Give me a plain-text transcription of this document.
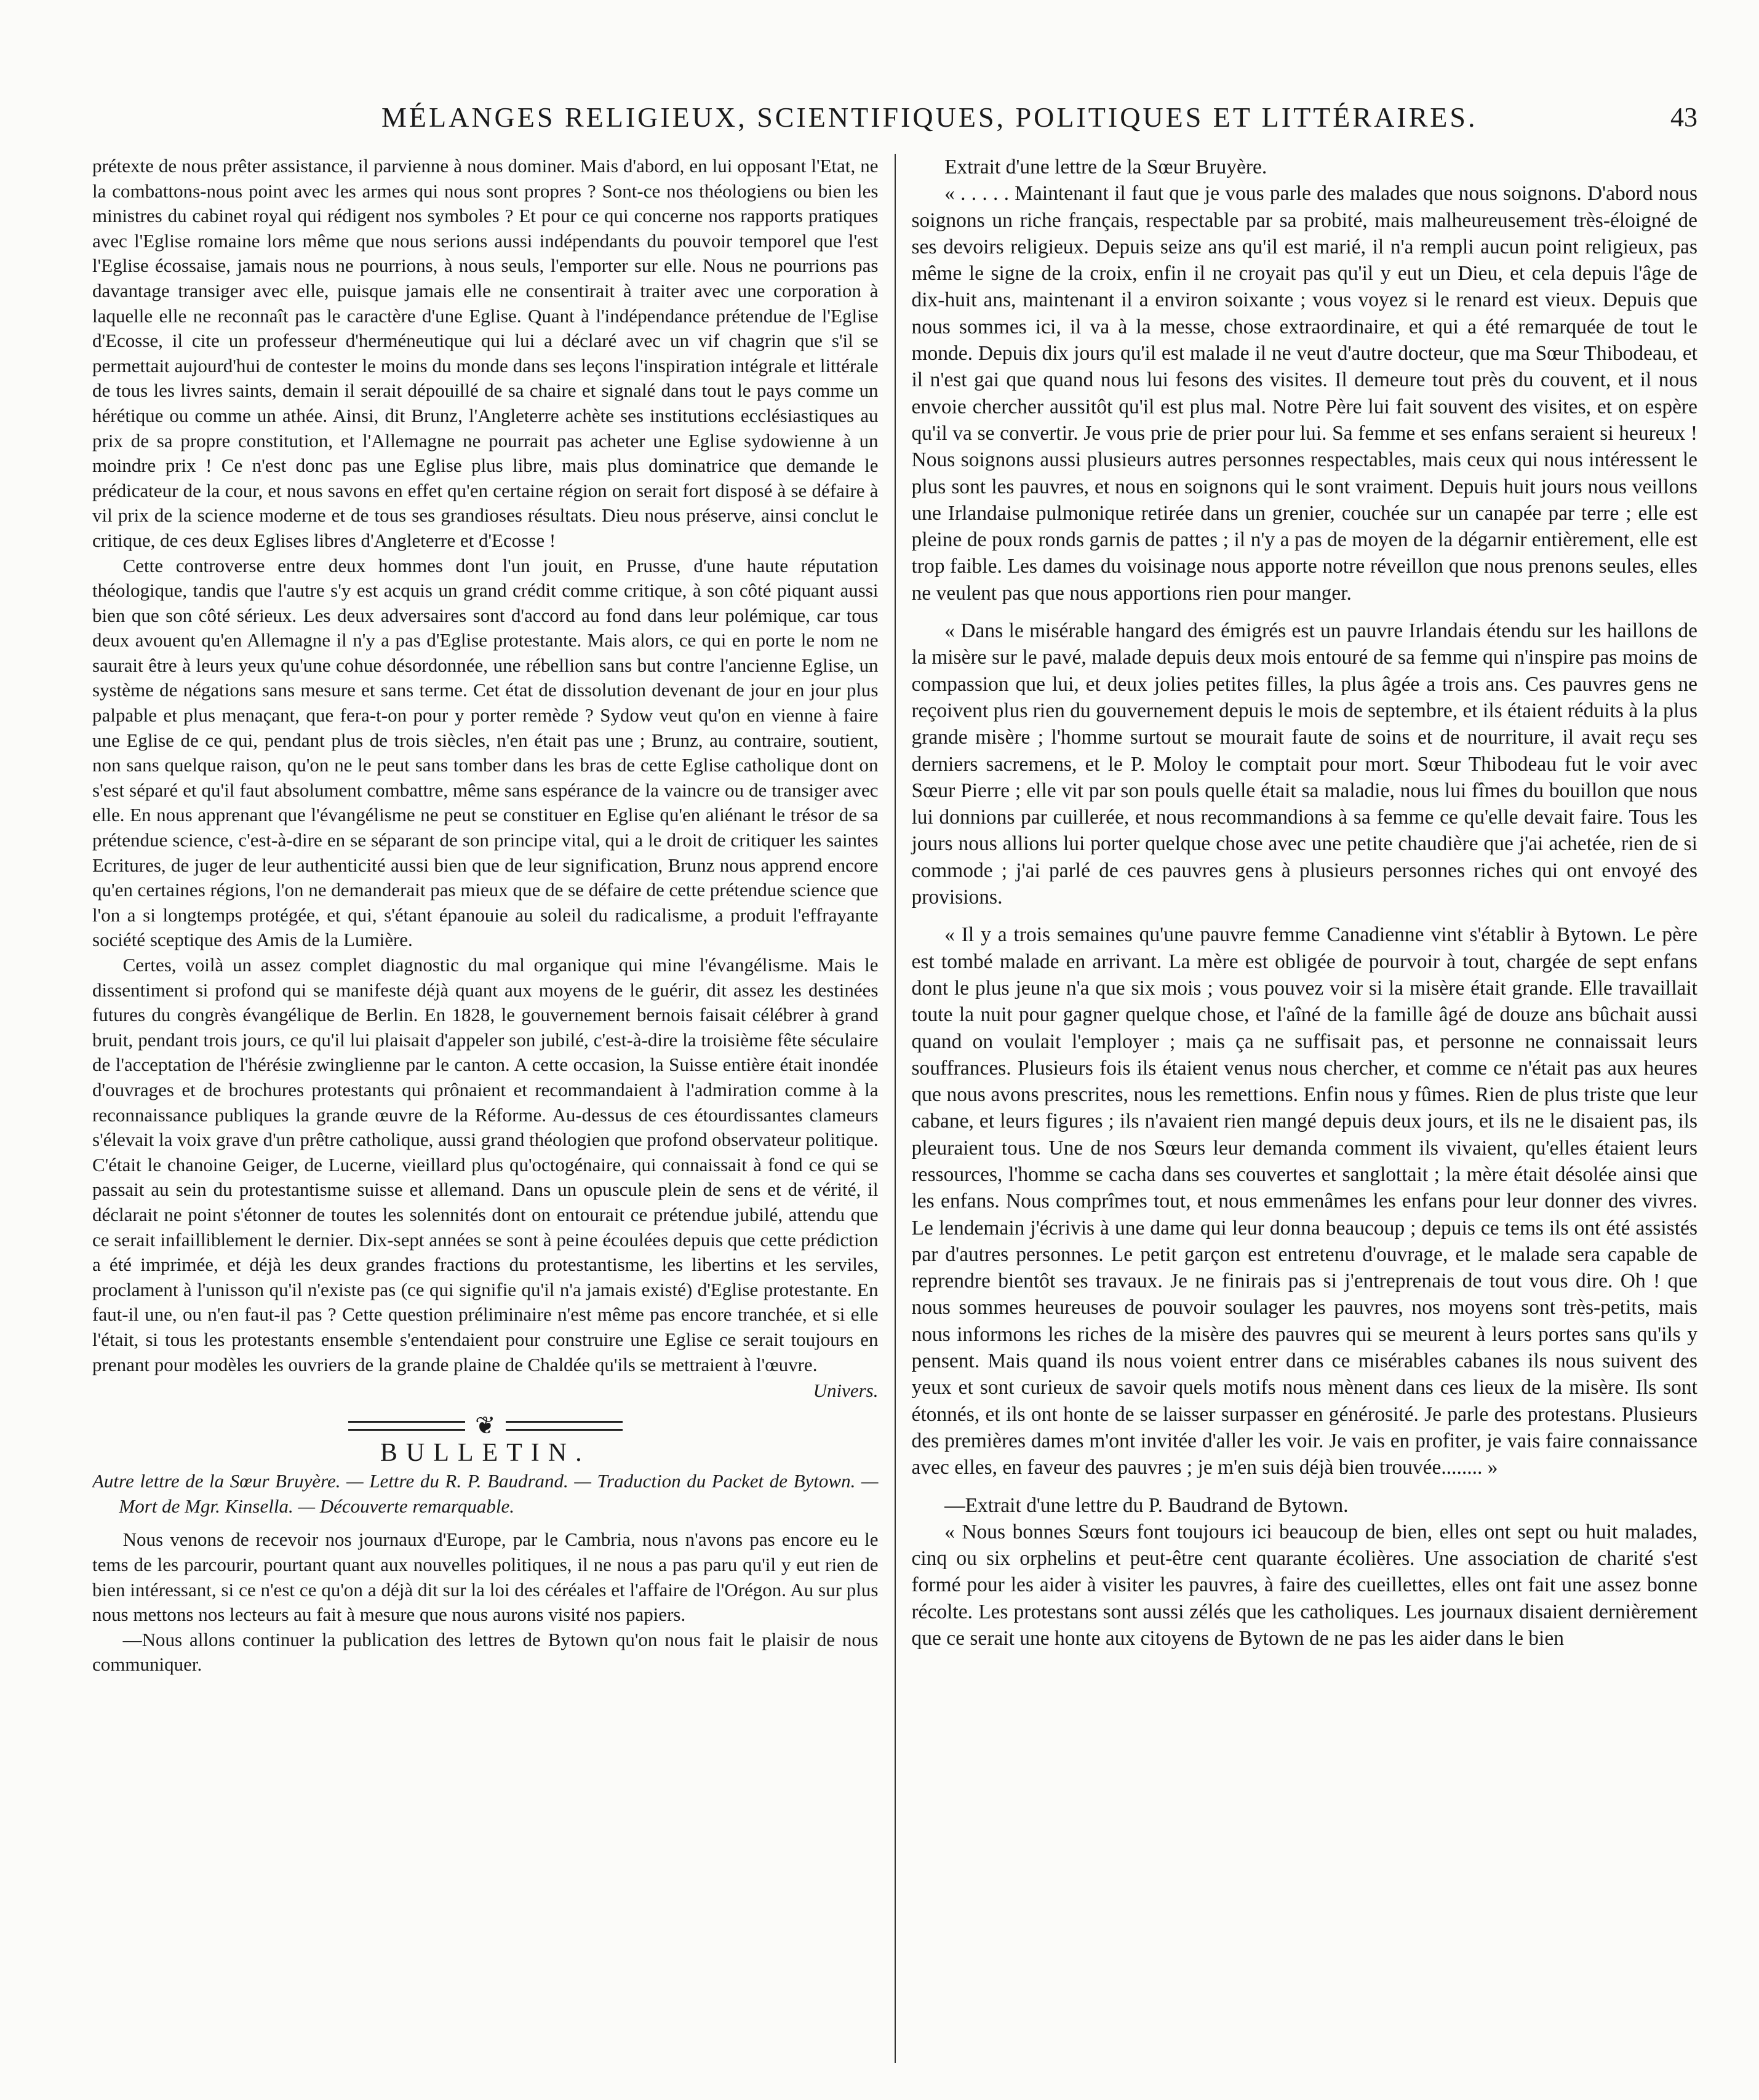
MÉLANGES RELIGIEUX, SCIENTIFIQUES, POLITIQUES ET LITTÉRAIRES.	43

prétexte de nous prêter assistance, il parvienne à nous dominer. Mais d'abord, en lui opposant l'Etat, ne la combattons-nous point avec les armes qui nous sont propres ? Sont-ce nos théologiens ou bien les ministres du cabinet royal qui rédigent nos symboles ? Et pour ce qui concerne nos rapports pratiques avec l'Eglise romaine lors même que nous serions aussi indépendants du pouvoir temporel que l'est l'Eglise écossaise, jamais nous ne pourrions, à nous seuls, l'emporter sur elle. Nous ne pourrions pas davantage transiger avec elle, puisque jamais elle ne consentirait à traiter avec une corporation à laquelle elle ne reconnaît pas le caractère d'une Eglise. Quant à l'indépendance prétendue de l'Eglise d'Ecosse, il cite un professeur d'herméneutique qui lui a déclaré avec un vif chagrin que s'il se permettait aujourd'hui de contester le moins du monde dans ses leçons l'inspiration intégrale et littérale de tous les livres saints, demain il serait dépouillé de sa chaire et signalé dans tout le pays comme un hérétique ou comme un athée. Ainsi, dit Brunz, l'Angleterre achète ses institutions ecclésiastiques au prix de sa propre constitution, et l'Allemagne ne pourrait pas acheter une Eglise sydowienne à un moindre prix ! Ce n'est donc pas une Eglise plus libre, mais plus dominatrice que demande le prédicateur de la cour, et nous savons en effet qu'en certaine région on serait fort disposé à se défaire à vil prix de la science moderne et de tous ses grandioses résultats. Dieu nous préserve, ainsi conclut le critique, de ces deux Eglises libres d'Angleterre et d'Ecosse !

Cette controverse entre deux hommes dont l'un jouit, en Prusse, d'une haute réputation théologique, tandis que l'autre s'y est acquis un grand crédit comme critique, à son côté piquant aussi bien que son côté sérieux. Les deux adversaires sont d'accord au fond dans leur polémique, car tous deux avouent qu'en Allemagne il n'y a pas d'Eglise protestante. Mais alors, ce qui en porte le nom ne saurait être à leurs yeux qu'une cohue désordonnée, une rébellion sans but contre l'ancienne Eglise, un système de négations sans mesure et sans terme. Cet état de dissolution devenant de jour en jour plus palpable et plus menaçant, que fera-t-on pour y porter remède ? Sydow veut qu'on en vienne à faire une Eglise de ce qui, pendant plus de trois siècles, n'en était pas une ; Brunz, au contraire, soutient, non sans quelque raison, qu'on ne le peut sans tomber dans les bras de cette Eglise catholique dont on s'est séparé et qu'il faut absolument combattre, même sans espérance de la vaincre ou de transiger avec elle. En nous apprenant que l'évangélisme ne peut se constituer en Eglise qu'en aliénant le trésor de sa prétendue science, c'est-à-dire en se séparant de son principe vital, qui a le droit de critiquer les saintes Ecritures, de juger de leur authenticité aussi bien que de leur signification, Brunz nous apprend encore qu'en certaines régions, l'on ne demanderait pas mieux que de se défaire de cette prétendue science que l'on a si longtemps protégée, et qui, s'étant épanouie au soleil du radicalisme, a produit l'effrayante société sceptique des Amis de la Lumière.

Certes, voilà un assez complet diagnostic du mal organique qui mine l'évangélisme. Mais le dissentiment si profond qui se manifeste déjà quant aux moyens de le guérir, dit assez les destinées futures du congrès évangélique de Berlin. En 1828, le gouvernement bernois faisait célébrer à grand bruit, pendant trois jours, ce qu'il lui plaisait d'appeler son jubilé, c'est-à-dire la troisième fête séculaire de l'acceptation de l'hérésie zwinglienne par le canton. A cette occasion, la Suisse entière était inondée d'ouvrages et de brochures protestants qui prônaient et recommandaient à l'admiration comme à la reconnaissance publiques la grande œuvre de la Réforme. Au-dessus de ces étourdissantes clameurs s'élevait la voix grave d'un prêtre catholique, aussi grand théologien que profond observateur politique. C'était le chanoine Geiger, de Lucerne, vieillard plus qu'octogénaire, qui connaissait à fond ce qui se passait au sein du protestantisme suisse et allemand. Dans un opuscule plein de sens et de vérité, il déclarait ne point s'étonner de toutes les solennités dont on entourait ce prétendue jubilé, attendu que ce serait infailliblement le dernier. Dix-sept années se sont à peine écoulées depuis que cette prédiction a été imprimée, et déjà les deux grandes fractions du protestantisme, les libertins et les serviles, proclament à l'unisson qu'il n'existe pas (ce qui signifie qu'il n'a jamais existé) d'Eglise protestante. En faut-il une, ou n'en faut-il pas ? Cette question préliminaire n'est même pas encore tranchée, et si elle l'était, si tous les protestants ensemble s'entendaient pour construire une Eglise ce serait toujours en prenant pour modèles les ouvriers de la grande plaine de Chaldée qu'ils se mettraient à l'œuvre.

Univers.

❦
BULLETIN.

Autre lettre de la Sœur Bruyère. — Lettre du R. P. Baudrand. — Traduction du Packet de Bytown. — Mort de Mgr. Kinsella. — Découverte remarquable.

Nous venons de recevoir nos journaux d'Europe, par le Cambria, nous n'avons pas encore eu le tems de les parcourir, pourtant quant aux nouvelles politiques, il ne nous a pas paru qu'il y eut rien de bien intéressant, si ce n'est ce qu'on a déjà dit sur la loi des céréales et l'affaire de l'Orégon. Au sur plus nous mettons nos lecteurs au fait à mesure que nous aurons visité nos papiers.

—Nous allons continuer la publication des lettres de Bytown qu'on nous fait le plaisir de nous communiquer.

Extrait d'une lettre de la Sœur Bruyère.

« . . . . . Maintenant il faut que je vous parle des malades que nous soignons. D'abord nous soignons un riche français, respectable par sa probité, mais malheureusement très-éloigné de ses devoirs religieux. Depuis seize ans qu'il est marié, il n'a rempli aucun point religieux, pas même le signe de la croix, enfin il ne croyait pas qu'il y eut un Dieu, et cela depuis l'âge de dix-huit ans, maintenant il a environ soixante ; vous voyez si le renard est vieux. Depuis que nous sommes ici, il va à la messe, chose extraordinaire, et qui a été remarquée de tout le monde. Depuis dix jours qu'il est malade il ne veut d'autre docteur, que ma Sœur Thibodeau, et il n'est gai que quand nous lui fesons des visites. Il demeure tout près du couvent, et il nous envoie chercher aussitôt qu'il est plus mal. Notre Père lui fait souvent des visites, et on espère qu'il va se convertir. Je vous prie de prier pour lui. Sa femme et ses enfans seraient si heureux ! Nous soignons aussi plusieurs autres personnes respectables, mais ceux qui nous intéressent le plus sont les pauvres, et nous en soignons qui le sont vraiment. Depuis huit jours nous veillons une Irlandaise pulmonique retirée dans un grenier, couchée sur un canapée par terre ; elle est pleine de poux ronds garnis de pattes ; il n'y a pas de moyen de la dégarnir entièrement, elle est trop faible. Les dames du voisinage nous apporte notre réveillon que nous prenons seules, elles ne veulent pas que nous apportions rien pour manger.

« Dans le misérable hangard des émigrés est un pauvre Irlandais étendu sur les haillons de la misère sur le pavé, malade depuis deux mois entouré de sa femme qui n'inspire pas moins de compassion que lui, et deux jolies petites filles, la plus âgée a trois ans. Ces pauvres gens ne reçoivent plus rien du gouvernement depuis le mois de septembre, et ils étaient réduits à la plus grande misère ; l'homme surtout se mourait faute de soins et de nourriture, il avait reçu ses derniers sacremens, et le P. Moloy le comptait pour mort. Sœur Thibodeau fut le voir avec Sœur Pierre ; elle vit par son pouls quelle était sa maladie, nous lui fîmes du bouillon que nous lui donnions par cuillerée, et nous recommandions à sa femme ce qu'elle devait faire. Tous les jours nous allions lui porter quelque chose avec une petite chaudière que j'ai achetée, rien de si commode ; j'ai parlé de ces pauvres gens à plusieurs personnes riches qui ont envoyé des provisions.

« Il y a trois semaines qu'une pauvre femme Canadienne vint s'établir à Bytown. Le père est tombé malade en arrivant. La mère est obligée de pourvoir à tout, chargée de sept enfans dont le plus jeune n'a que six mois ; vous pouvez voir si la misère était grande. Elle travaillait toute la nuit pour gagner quelque chose, et l'aîné de la famille âgé de douze ans bûchait aussi quand on voulait l'employer ; mais ça ne suffisait pas, et personne ne connaissait leurs souffrances. Plusieurs fois ils étaient venus nous chercher, et comme ce n'était pas aux heures que nous avons prescrites, nous les remettions. Enfin nous y fûmes. Rien de plus triste que leur cabane, et leurs figures ; ils n'avaient rien mangé depuis deux jours, et ils ne le disaient pas, ils pleuraient tous. Une de nos Sœurs leur demanda comment ils vivaient, qu'elles étaient leurs ressources, l'homme se cacha dans ses couvertes et sanglottait ; la mère était désolée ainsi que les enfans. Nous comprîmes tout, et nous emmenâmes les enfans pour leur donner des vivres. Le lendemain j'écrivis à une dame qui leur donna beaucoup ; depuis ce tems ils ont été assistés par d'autres personnes. Le petit garçon est entretenu d'ouvrage, et le malade sera capable de reprendre bientôt ses travaux. Je ne finirais pas si j'entreprenais de tout vous dire. Oh ! que nous sommes heureuses de pouvoir soulager les pauvres, nos moyens sont très-petits, mais nous informons les riches de la misère des pauvres qui se meurent à leurs portes sans qu'ils y pensent. Mais quand ils nous voient entrer dans ce misérables cabanes ils nous suivent des yeux et sont curieux de savoir quels motifs nous mènent dans ces lieux de la misère. Ils sont étonnés, et ils ont honte de se laisser surpasser en générosité. Je parle des protestans. Plusieurs des premières dames m'ont invitée d'aller les voir. Je vais en profiter, je vais faire connaissance avec elles, en faveur des pauvres ; je m'en suis déjà bien trouvée........ »

—Extrait d'une lettre du P. Baudrand de Bytown.

« Nous bonnes Sœurs font toujours ici beaucoup de bien, elles ont sept ou huit malades, cinq ou six orphelins et peut-être cent quarante écolières. Une association de charité s'est formé pour les aider à visiter les pauvres, à faire des cueillettes, elles ont fait une assez bonne récolte. Les protestans sont aussi zélés que les catholiques. Les journaux disaient dernièrement que ce serait une honte aux citoyens de Bytown de ne pas les aider dans le bien
